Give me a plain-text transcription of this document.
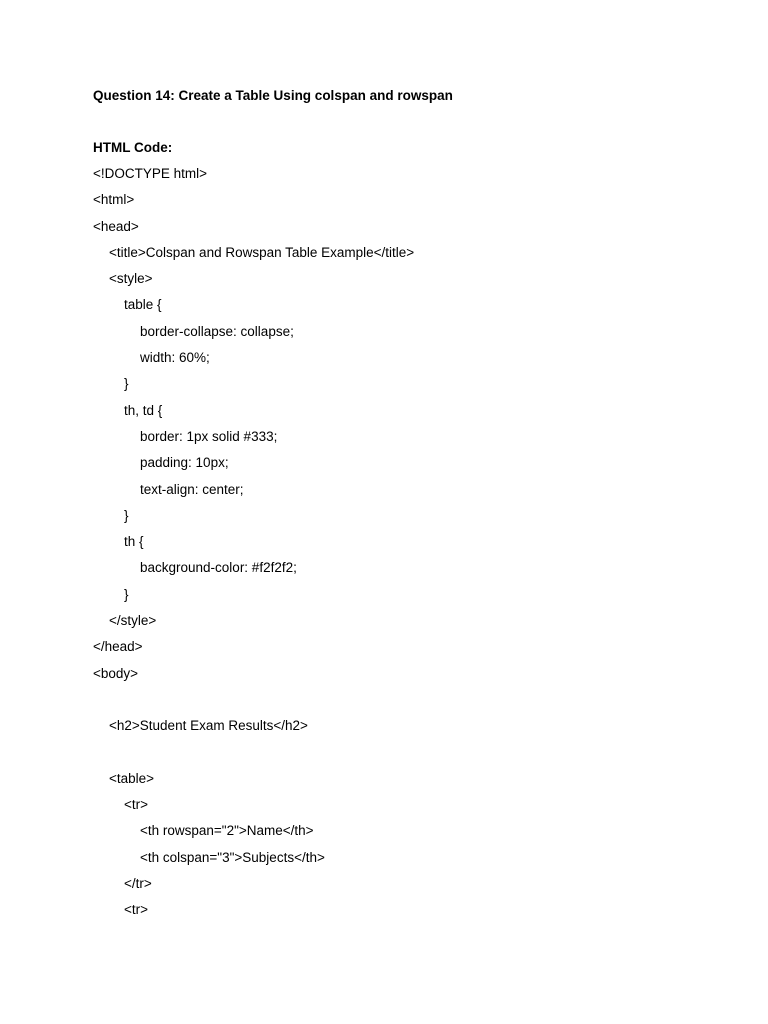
Question 14: Create a Table Using colspan and rowspan
HTML Code:
<!DOCTYPE html>
<html>
<head>
<title>Colspan and Rowspan Table Example</title>
<style>
table {
border-collapse: collapse;
width: 60%;
}
th, td {
border: 1px solid #333;
padding: 10px;
text-align: center;
}
th {
background-color: #f2f2f2;
}
</style>
</head>
<body>
<h2>Student Exam Results</h2>
<table>
<tr>
<th rowspan="2">Name</th>
<th colspan="3">Subjects</th>
</tr>
<tr>
